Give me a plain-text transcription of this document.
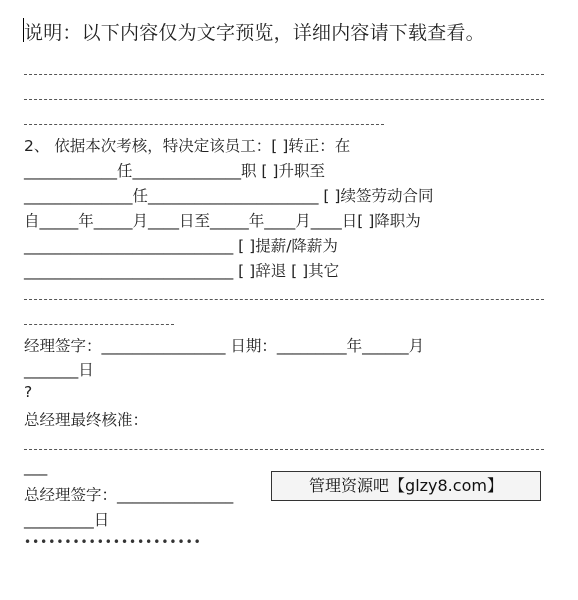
说明：以下内容仅为文字预览，详细内容请下载查看。
2、 依据本次考核，特决定该员工：[ ]转正：在
____________任______________职 [ ]升职至
______________任______________________ [ ]续签劳动合同
自_____年_____月____日至_____年____月____日[ ]降职为
___________________________ [ ]提薪/降薪为
___________________________ [ ]辞退 [ ]其它
经理签字：________________ 日期：_________年______月
_______日
?
总经理最终核准：
___
总经理签字：_______________
_________日
管理资源吧【glzy8.com】
••••••••••••••••••••••
